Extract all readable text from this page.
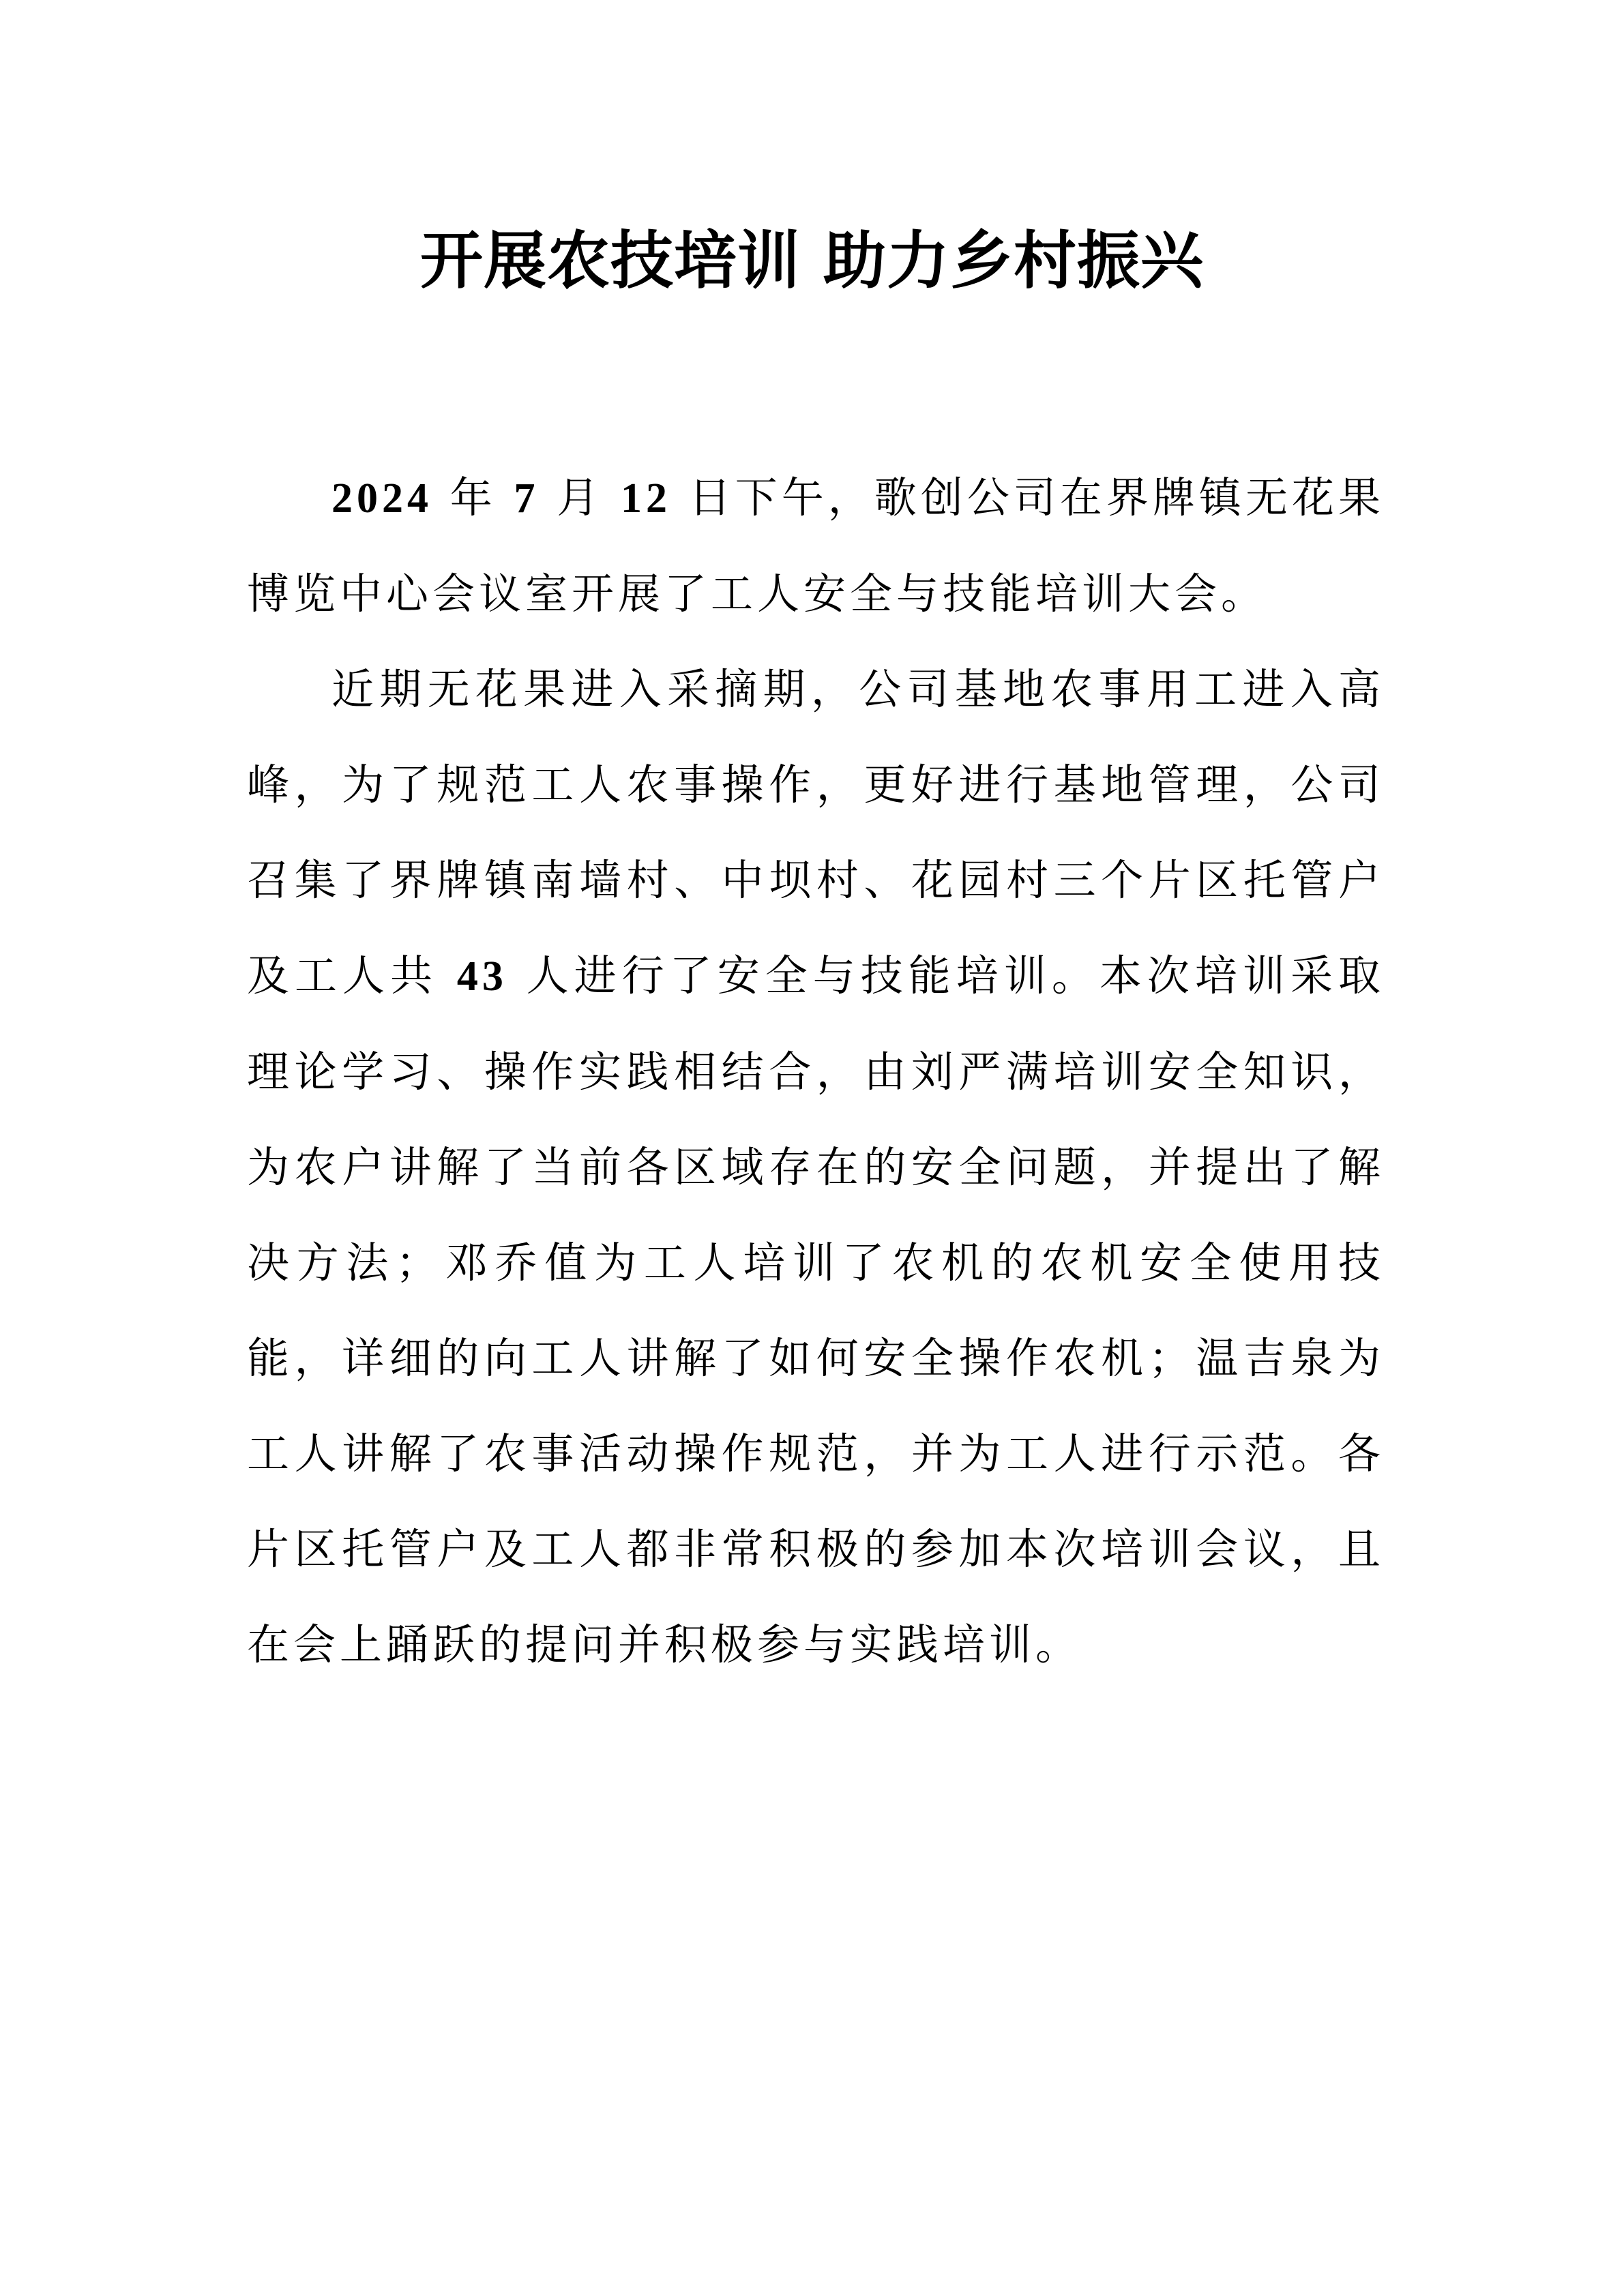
开展农技培训 助力乡村振兴

2024 年 7 月 12 日下午，歌创公司在界牌镇无花果博览中心会议室开展了工人安全与技能培训大会。

近期无花果进入采摘期，公司基地农事用工进入高峰，为了规范工人农事操作，更好进行基地管理，公司召集了界牌镇南墙村、中坝村、花园村三个片区托管户及工人共 43 人进行了安全与技能培训。本次培训采取理论学习、操作实践相结合，由刘严满培训安全知识，为农户讲解了当前各区域存在的安全问题，并提出了解决方法；邓乔值为工人培训了农机的农机安全使用技能，详细的向工人讲解了如何安全操作农机；温吉泉为工人讲解了农事活动操作规范，并为工人进行示范。各片区托管户及工人都非常积极的参加本次培训会议，且在会上踊跃的提问并积极参与实践培训。
